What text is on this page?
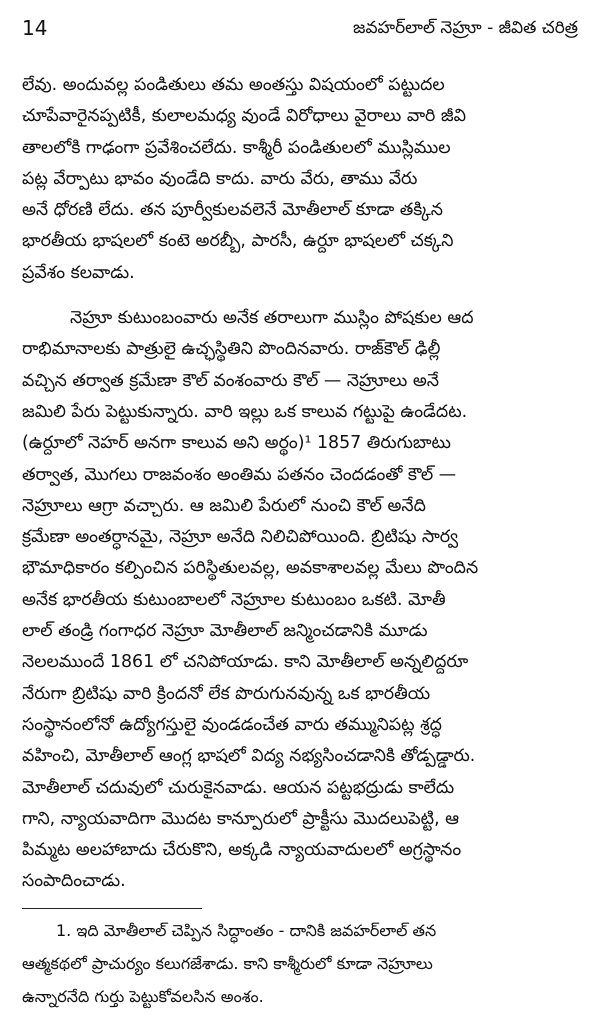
14	జవహర్‌లాల్ నెహ్రూ - జీవిత చరిత్ర

లేవు. అందువల్ల పండితులు తమ అంతస్తు విషయంలో పట్టుదల
చూపేవారైనప్పటికీ, కులాలమధ్య వుండే విరోధాలు వైరాలు వారి జీవి
తాలలోకి గాఢంగా ప్రవేశించలేదు. కాశ్మీరీ పండితులలో ముస్లిముల
పట్ల వేర్పాటు భావం వుండేది కాదు. వారు వేరు, తాము వేరు
అనే ధోరణి లేదు. తన పూర్వీకులవలెనే మోతీలాల్ కూడా తక్కిన
భారతీయ భాషలలో కంటె అరబ్బీ, పారసీ, ఉర్దూ భాషలలో చక్కని
ప్రవేశం కలవాడు.

నెహ్రూ కుటుంబంవారు అనేక తరాలుగా ముస్లిం పోషకుల ఆద
రాభిమానాలకు పాత్రులై ఉచ్ఛస్థితిని పొందినవారు. రాజ్‌కౌల్ ఢిల్లీ
వచ్చిన తర్వాత క్రమేణా కౌల్ వంశంవారు కౌల్ — నెహ్రూలు అనే
జమిలి పేరు పెట్టుకున్నారు. వారి ఇల్లు ఒక కాలువ గట్టుపై ఉండేదట.
(ఉర్దూలో నెహర్ అనగా కాలువ అని అర్థం)¹ 1857 తిరుగుబాటు
తర్వాత, మొగలు రాజవంశం అంతిమ పతనం చెందడంతో కౌల్ —
నెహ్రూలు ఆగ్రా వచ్చారు. ఆ జమిలి పేరులో నుంచి కౌల్ అనేది
క్రమేణా అంతర్ధానమై, నెహ్రూ అనేది నిలిచిపోయింది. బ్రిటిషు సార్వ
భౌమాధికారం కల్పించిన పరిస్థితులవల్ల, అవకాశాలవల్ల మేలు పొందిన
అనేక భారతీయ కుటుంబాలలో నెహ్రూల కుటుంబం ఒకటి. మోతీ
లాల్ తండ్రి గంగాధర నెహ్రూ మోతీలాల్ జన్మించడానికి మూడు
నెలలముందే 1861 లో చనిపోయాడు. కాని మోతీలాల్ అన్నలిద్దరూ
నేరుగా బ్రిటిషు వారి క్రిందనో లేక పొరుగునవున్న ఒక భారతీయ
సంస్థానంలోనో ఉద్యోగస్తులై వుండడంచేత వారు తమ్మునిపట్ల శ్రద్ధ
వహించి, మోతీలాల్ ఆంగ్ల భాషలో విద్య నభ్యసించడానికి తోడ్పడ్డారు.
మోతీలాల్ చదువులో చురుకైనవాడు. ఆయన పట్టభద్రుడు కాలేదు
గాని, న్యాయవాదిగా మొదట కాన్పూరులో ప్రాక్టీసు మొదలుపెట్టి, ఆ
పిమ్మట అలహాబాదు చేరుకొని, అక్కడి న్యాయవాదులలో అగ్రస్థానం
సంపాదించాడు.

1. ఇది మోతీలాల్ చెప్పిన సిద్ధాంతం - దానికి జవహర్‌లాల్ తన
ఆత్మకథలో ప్రాచుర్యం కలుగజేశాడు. కాని కాశ్మీరులో కూడా నెహ్రూలు
ఉన్నారనేది గుర్తు పెట్టుకోవలసిన అంశం.
